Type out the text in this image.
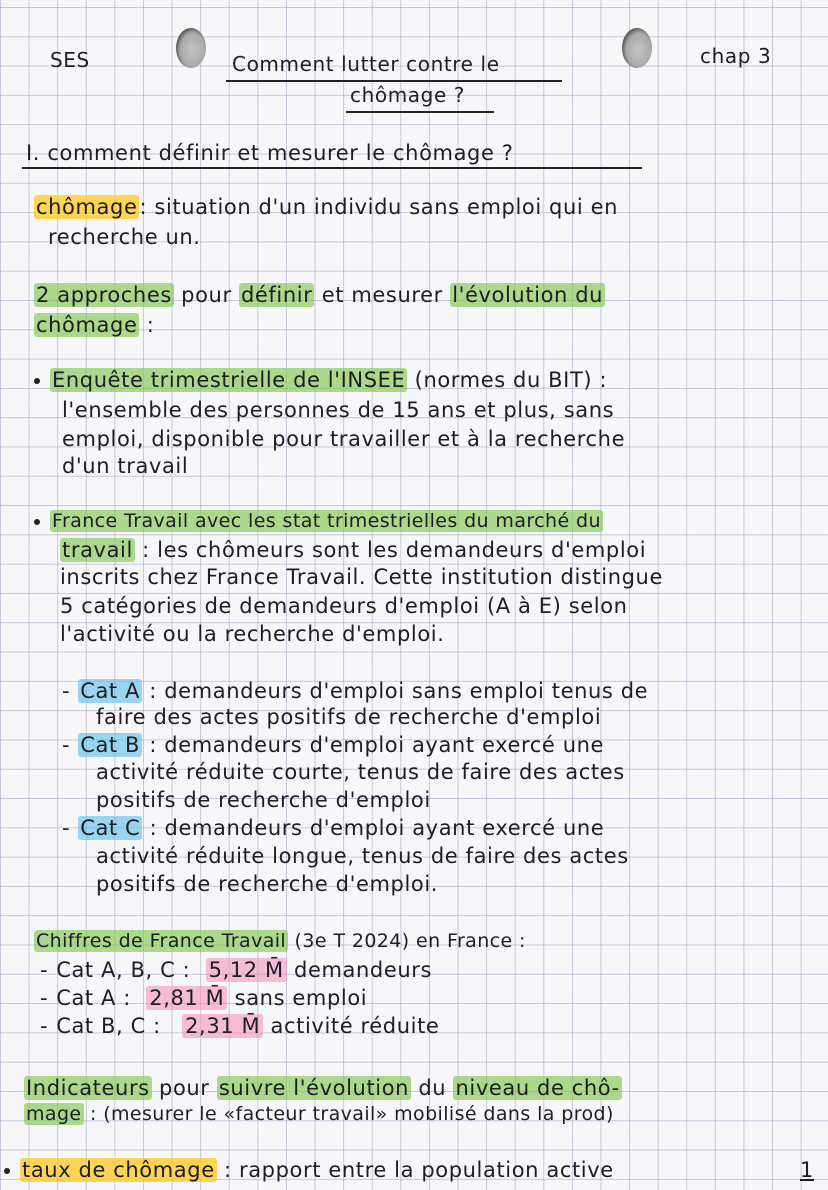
SES	Comment lutter contre le
chômage ?
chap 3
I. comment définir et mesurer le chômage ?
chômage: situation d'un individu sans emploi qui en
recherche un.
2 approches pour définir et mesurer l'évolution du
chômage :
Enquête trimestrielle de l'INSEE (normes du BIT) :
l'ensemble des personnes de 15 ans et plus, sans
emploi, disponible pour travailler et à la recherche
d'un travail
France Travail avec les stat trimestrielles du marché du
travail : les chômeurs sont les demandeurs d'emploi
inscrits chez France Travail. Cette institution distingue
5 catégories de demandeurs d'emploi (A à E) selon
l'activité ou la recherche d'emploi.
- Cat A : demandeurs d'emploi sans emploi tenus de
faire des actes positifs de recherche d'emploi
- Cat B : demandeurs d'emploi ayant exercé une
activité réduite courte, tenus de faire des actes
positifs de recherche d'emploi
- Cat C : demandeurs d'emploi ayant exercé une
activité réduite longue, tenus de faire des actes
positifs de recherche d'emploi.
Chiffres de France Travail (3e T 2024) en France :
- Cat A, B, C : 5,12 M̄ demandeurs
- Cat A : 2,81 M̄ sans emploi
- Cat B, C : 2,31 M̄ activité réduite
Indicateurs pour suivre l'évolution du niveau de chô-
mage : (mesurer le «facteur travail» mobilisé dans la prod)
taux de chômage : rapport entre la population active	1
